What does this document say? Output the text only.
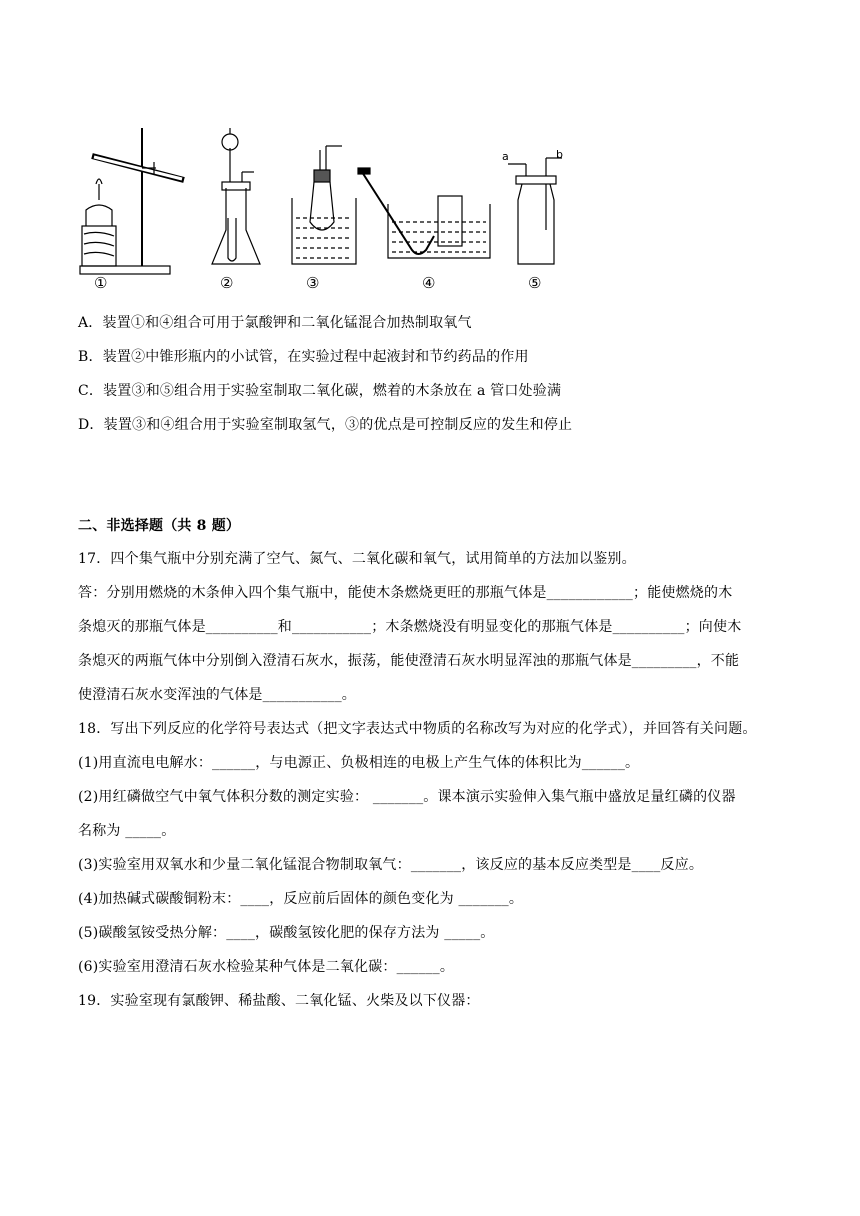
a	b
①	②	③	④	⑤
A．装置①和④组合可用于氯酸钾和二氧化锰混合加热制取氧气
B．装置②中锥形瓶内的小试管，在实验过程中起液封和节约药品的作用
C．装置③和⑤组合用于实验室制取二氧化碳，燃着的木条放在 a 管口处验满
D．装置③和④组合用于实验室制取氢气，③的优点是可控制反应的发生和停止
二、非选择题（共 8 题）
17．四个集气瓶中分别充满了空气、氮气、二氧化碳和氧气，试用简单的方法加以鉴别。
答：分别用燃烧的木条伸入四个集气瓶中，能使木条燃烧更旺的那瓶气体是____________；能使燃烧的木
条熄灭的那瓶气体是__________和___________；木条燃烧没有明显变化的那瓶气体是__________；向使木
条熄灭的两瓶气体中分别倒入澄清石灰水，振荡，能使澄清石灰水明显浑浊的那瓶气体是_________，不能
使澄清石灰水变浑浊的气体是___________。
18．写出下列反应的化学符号表达式（把文字表达式中物质的名称改写为对应的化学式），并回答有关问题。
(1)用直流电电解水：______，与电源正、负极相连的电极上产生气体的体积比为______。
(2)用红磷做空气中氧气体积分数的测定实验： _______。课本演示实验伸入集气瓶中盛放足量红磷的仪器
名称为 _____。
(3)实验室用双氧水和少量二氧化锰混合物制取氧气：_______，该反应的基本反应类型是____反应。
(4)加热碱式碳酸铜粉末：____，反应前后固体的颜色变化为 _______。
(5)碳酸氢铵受热分解：____，碳酸氢铵化肥的保存方法为 _____。
(6)实验室用澄清石灰水检验某种气体是二氧化碳：______。
19．实验室现有氯酸钾、稀盐酸、二氧化锰、火柴及以下仪器：
